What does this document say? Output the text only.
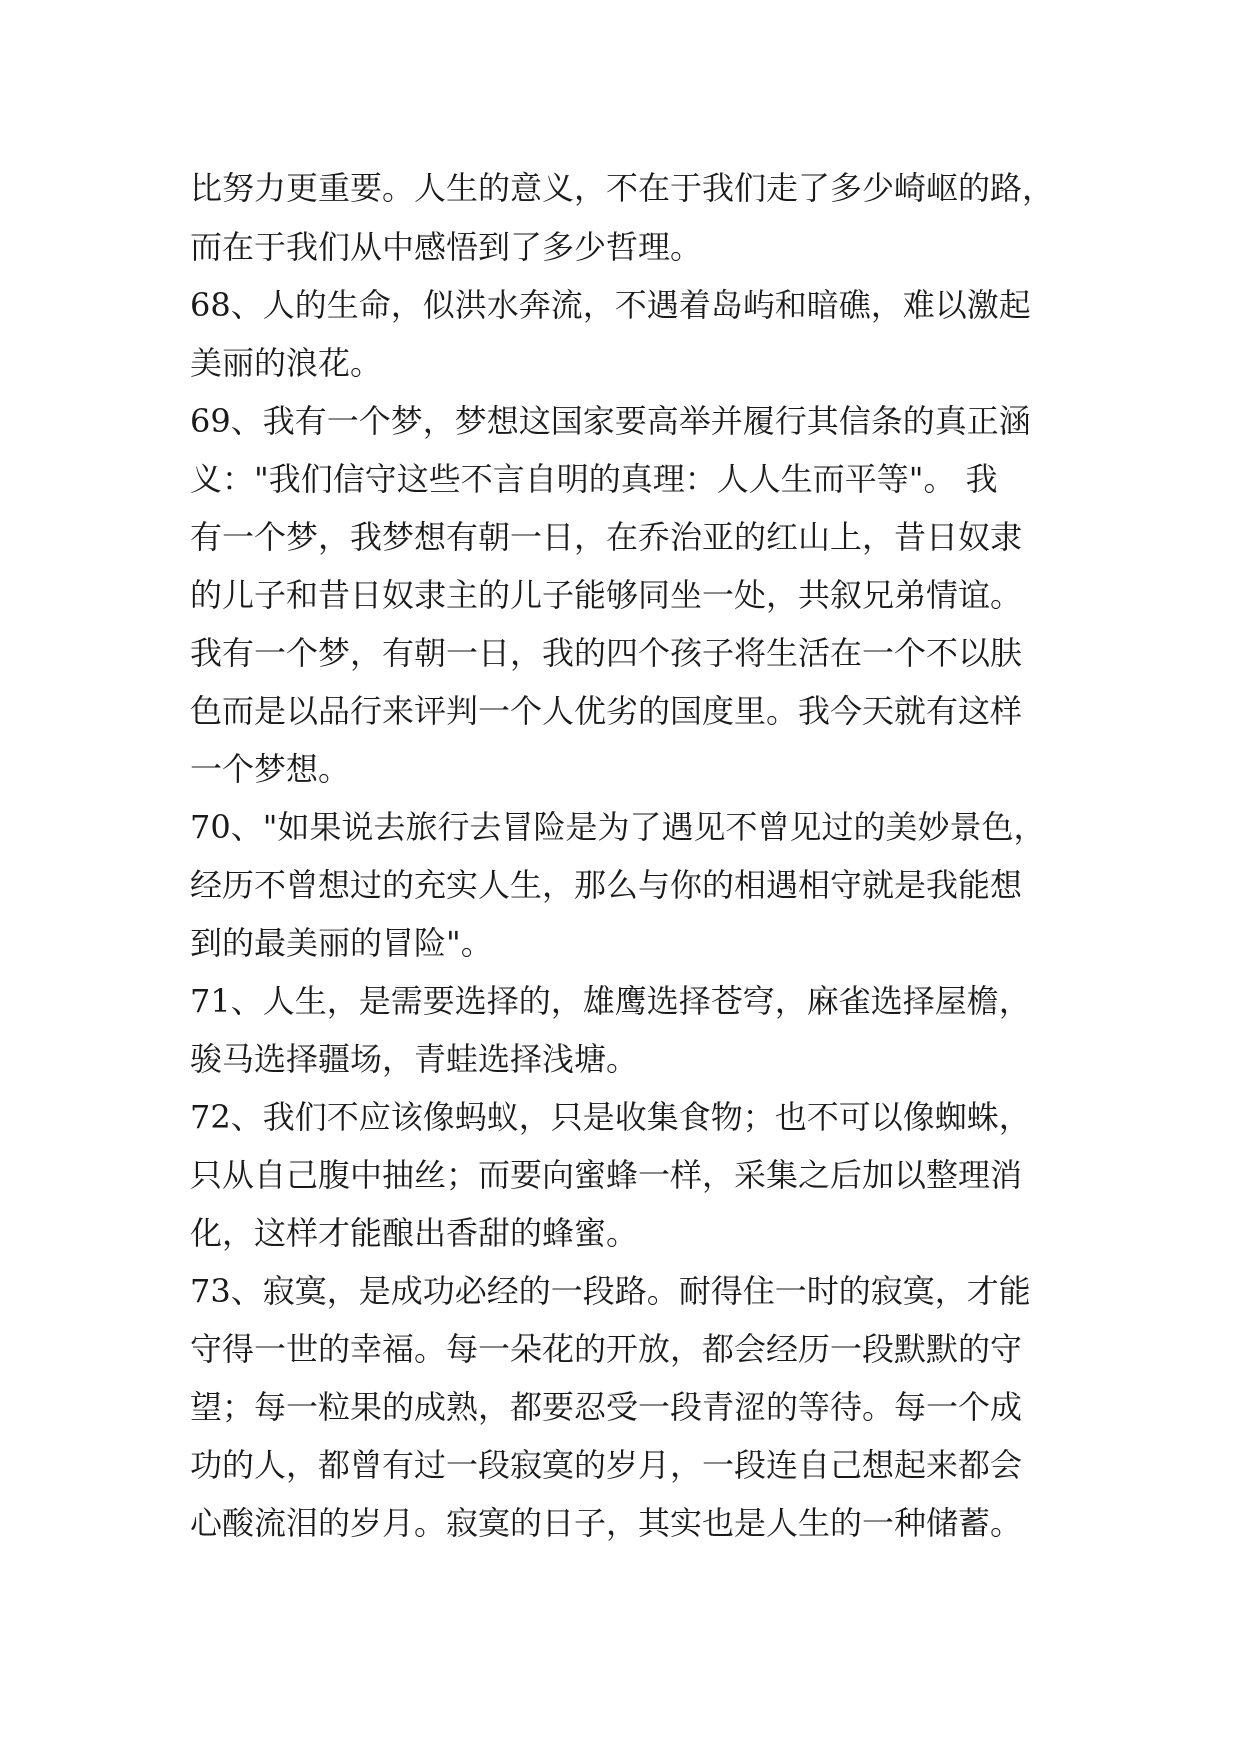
比努力更重要。人生的意义，不在于我们走了多少崎岖的路，
而在于我们从中感悟到了多少哲理。
68、人的生命，似洪水奔流，不遇着岛屿和暗礁，难以激起
美丽的浪花。
69、我有一个梦，梦想这国家要高举并履行其信条的真正涵
义："我们信守这些不言自明的真理：人人生而平等"。 我
有一个梦，我梦想有朝一日，在乔治亚的红山上，昔日奴隶
的儿子和昔日奴隶主的儿子能够同坐一处，共叙兄弟情谊。
我有一个梦，有朝一日，我的四个孩子将生活在一个不以肤
色而是以品行来评判一个人优劣的国度里。我今天就有这样
一个梦想。
70、"如果说去旅行去冒险是为了遇见不曾见过的美妙景色，
经历不曾想过的充实人生，那么与你的相遇相守就是我能想
到的最美丽的冒险"。
71、人生，是需要选择的，雄鹰选择苍穹，麻雀选择屋檐，
骏马选择疆场，青蛙选择浅塘。
72、我们不应该像蚂蚁，只是收集食物；也不可以像蜘蛛，
只从自己腹中抽丝；而要向蜜蜂一样，采集之后加以整理消
化，这样才能酿出香甜的蜂蜜。
73、寂寞，是成功必经的一段路。耐得住一时的寂寞，才能
守得一世的幸福。每一朵花的开放，都会经历一段默默的守
望；每一粒果的成熟，都要忍受一段青涩的等待。每一个成
功的人，都曾有过一段寂寞的岁月，一段连自己想起来都会
心酸流泪的岁月。寂寞的日子，其实也是人生的一种储蓄。
